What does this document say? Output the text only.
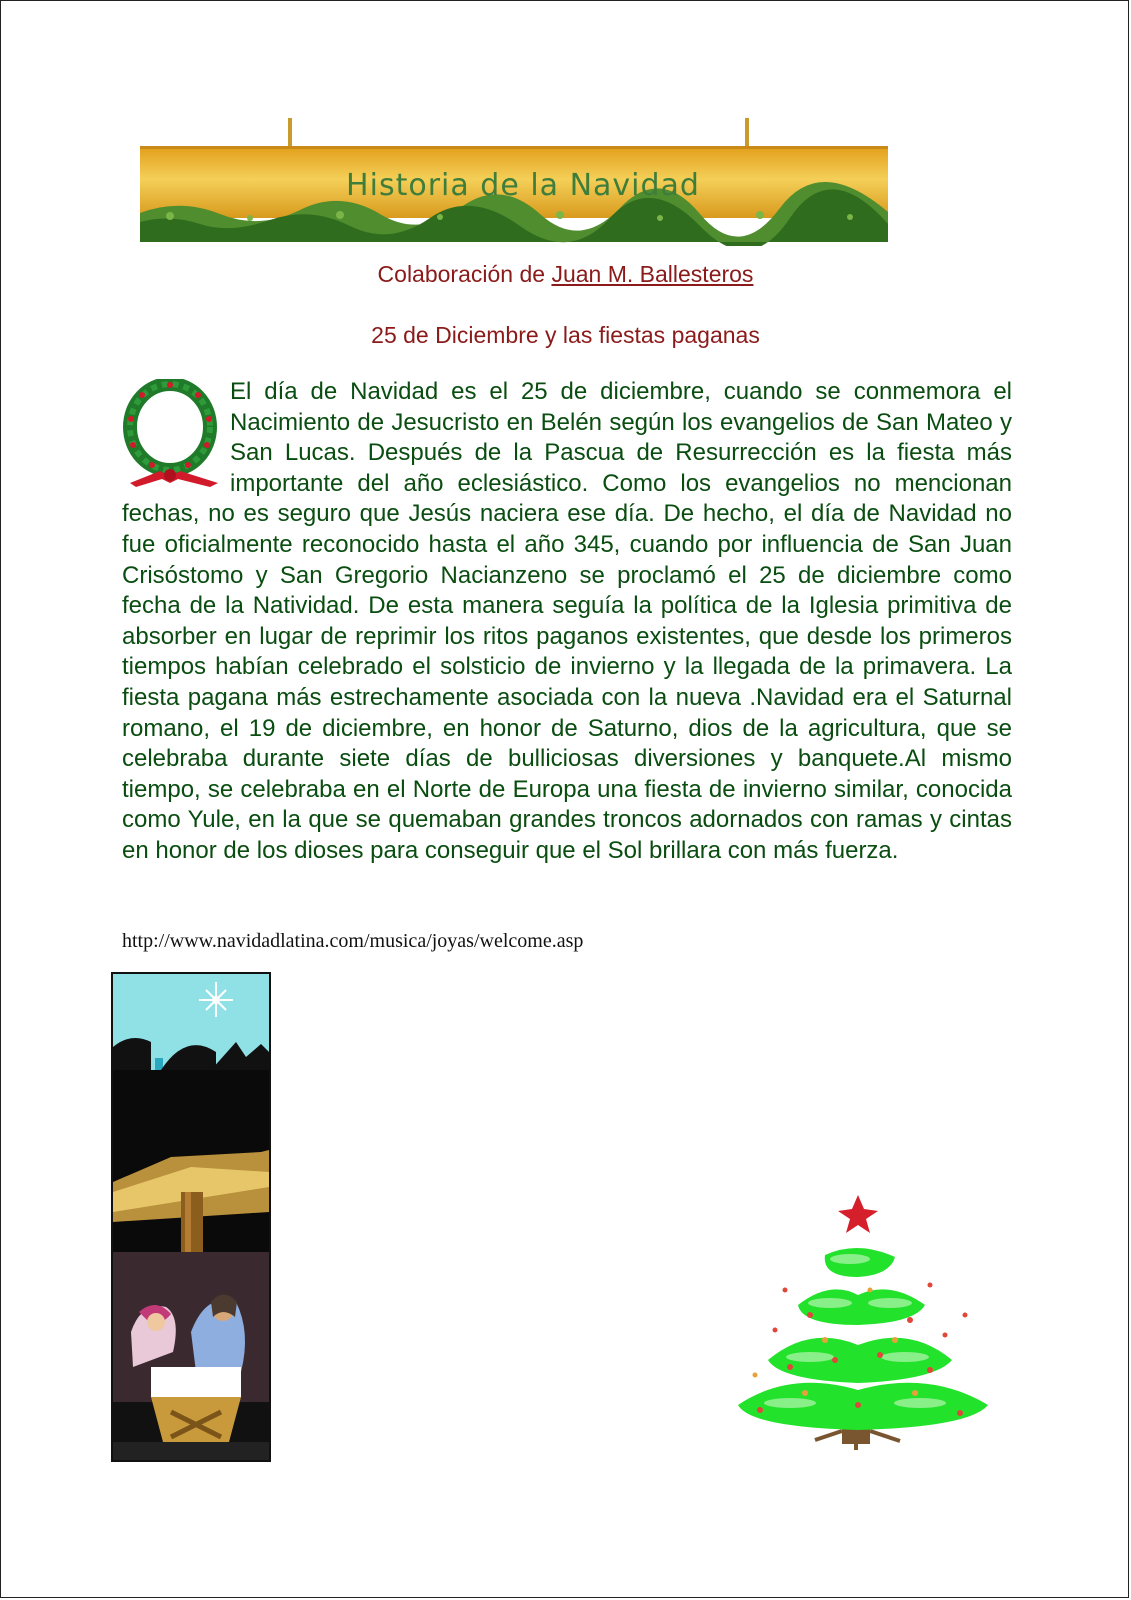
Historia de la Navidad
Colaboración de Juan M. Ballesteros
25 de Diciembre y las fiestas paganas
El día de Navidad es el 25 de diciembre, cuando se conmemora el Nacimiento de Jesucristo en Belén según los evangelios de San Mateo y San Lucas. Después de la Pascua de Resurrección es la fiesta más importante del año eclesiástico. Como los evangelios no mencionan fechas, no es seguro que Jesús naciera ese día. De hecho, el día de Navidad no fue oficialmente reconocido hasta el año 345, cuando por influencia de San Juan Crisóstomo y San Gregorio Nacianzeno se proclamó el 25 de diciembre como fecha de la Natividad. De esta manera seguía la política de la Iglesia primitiva de absorber en lugar de reprimir los ritos paganos existentes, que desde los primeros tiempos habían celebrado el solsticio de invierno y la llegada de la primavera. La fiesta pagana más estrechamente asociada con la nueva .Navidad era el Saturnal romano, el 19 de diciembre, en honor de Saturno, dios de la agricultura, que se celebraba durante siete días de bulliciosas diversiones y banquete.Al mismo tiempo, se celebraba en el Norte de Europa una fiesta de invierno similar, conocida como Yule, en la que se quemaban grandes troncos adornados con ramas y cintas en honor de los dioses para conseguir que el Sol brillara con más fuerza.
http://www.navidadlatina.com/musica/joyas/welcome.asp
